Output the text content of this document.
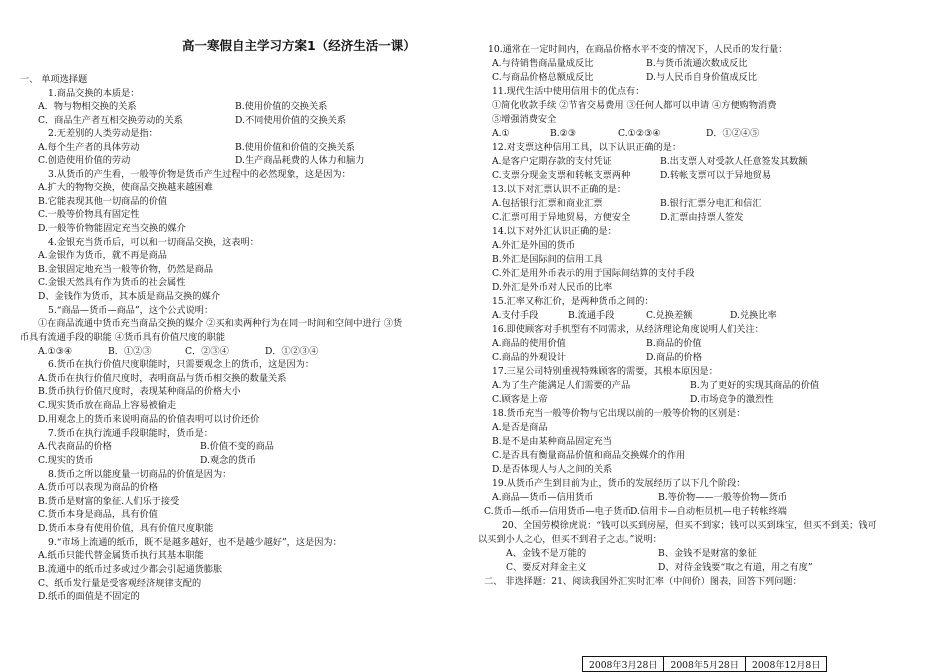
高一寒假自主学习方案1（经济生活一课）
一、 单项选择题
1.商品交换的本质是：
A．物与物相交换的关系	B.使用价值的交换关系
C．商品生产者互相交换劳动的关系	D.不同使用价值的交换关系
2.无差别的人类劳动是指：
A.每个生产者的具体劳动	B.使用价值和价值的交换关系
C.创造使用价值的劳动	D.生产商品耗费的人体力和脑力
3.从货币的产生看，一般等价物是货币产生过程中的必然现象，这是因为：
A.扩大的物物交换，使商品交换越来越困难
B.它能表现其他一切商品的价值
C.一般等价物具有固定性
D.一般等价物能固定充当交换的媒介
4.金银充当货币后，可以和一切商品交换，这表明：
A.金银作为货币，就不再是商品
B.金银固定地充当一般等价物，仍然是商品
C.金银天然具有作为货币的社会属性
D、金钱作为货币，其本质是商品交换的媒介
5.“商品—货币—商品”，这个公式说明：
①在商品流通中货币充当商品交换的媒介 ②买和卖两种行为在同一时间和空间中进行 ③货
币具有流通手段的职能 ④货币具有价值尺度的职能
A.①③④	B．①②③	C．②③④	D．①②③④
6.货币在执行价值尺度职能时，只需要观念上的货币，这是因为：
A.货币在执行价值尺度时，表明商品与货币相交换的数量关系
B.货币执行价值尺度时，表现某种商品的价格大小
C.现实货币放在商品上容易被偷走
D.用观念上的货币来说明商品的价值表明可以讨价还价
7.货币在执行流通手段职能时，货币是：
A.代表商品的价格	B.价值不变的商品
C.现实的货币	D.观念的货币
8.货币之所以能度量一切商品的价值是因为：
A.货币可以表现为商品的价格
B.货币是财富的象征.人们乐于接受
C.货币本身是商品，具有价值
D.货币本身有使用价值，具有价值尺度职能
9.“市场上流通的纸币，既不是越多越好，也不是越少越好”，这是因为：
A.纸币只能代替金属货币执行其基本职能
B.流通中的纸币过多或过少都会引起通货膨胀
C、纸币发行量是受客观经济规律支配的
D.纸币的面值是不固定的
10.通常在一定时间内，在商品价格水平不变的情况下，人民币的发行量：
A.与待销售商品量成反比	B.与货币流通次数成反比
C.与商品价格总额成反比	D.与人民币自身价值成反比
11.现代生活中使用信用卡的优点有：
①简化收款手续 ②节省交易费用 ③任何人都可以申请 ④方便购物消费
⑤增强消费安全
A.①	B.②③	C.①②③④	D．①②④⑤
12.对支票这种信用工具，以下认识正确的是：
A.是客户定期存款的支付凭证	B.出支票人对受款人任意签发其数额
C.支票分现金支票和转帐支票两种	D.转帐支票可以于异地贸易
13.以下对汇票认识不正确的是：
A.包括银行汇票和商业汇票	B.银行汇票分电汇和信汇
C.汇票可用于异地贸易，方便安全	D.汇票由持票人签发
14.以下对外汇认识正确的是：
A.外汇是外国的货币
B.外汇是国际间的信用工具
C.外汇是用外币表示的用于国际间结算的支付手段
D.外汇是外币对人民币的比率
15.汇率又称汇价，是两种货币之间的：
A.支付手段	B.流通手段	C.兑换差额	D.兑换比率
16.即使顾客对手机型有不同需求，从经济理论角度说明人们关注：
A.商品的使用价值	B.商品的价值
C.商品的外观设计	D.商品的价格
17.三星公司特别重视特殊顾客的需要，其根本原因是：
A.为了生产能满足人们需要的产品	B.为了更好的实现其商品的价值
C.顾客是上帝	D.市场竞争的激烈性
18.货币充当一般等价物与它出现以前的一般等价物的区别是：
A.是否是商品
B.是不是由某种商品固定充当
C.是否具有衡量商品价值和商品交换媒介的作用
D.是否体现人与人之间的关系
19.从货币产生到目前为止，货币的发展经历了以下几个阶段：
A.商品—货币—信用货币	B.等价物——一般等价物—货币
C.货币—纸币—信用货币—电子货币
D.信用卡—自动柜员机—电子转帐终端
20、全国劳模徐虎说：“钱可以买到房屋，但买不到家；钱可以买到珠宝，但买不到美；钱可
以买到小人之心，但买不到君子之志。”说明：
A、金钱不是万能的	B、金钱不是财富的象征
C、要反对拜金主义	D、对待金钱要“取之有道，用之有度”
二、 非选择题：21、阅读我国外汇实时汇率（中间价）图表，回答下列问题：
2008年3月28日	2008年5月28日	2008年12月8日
